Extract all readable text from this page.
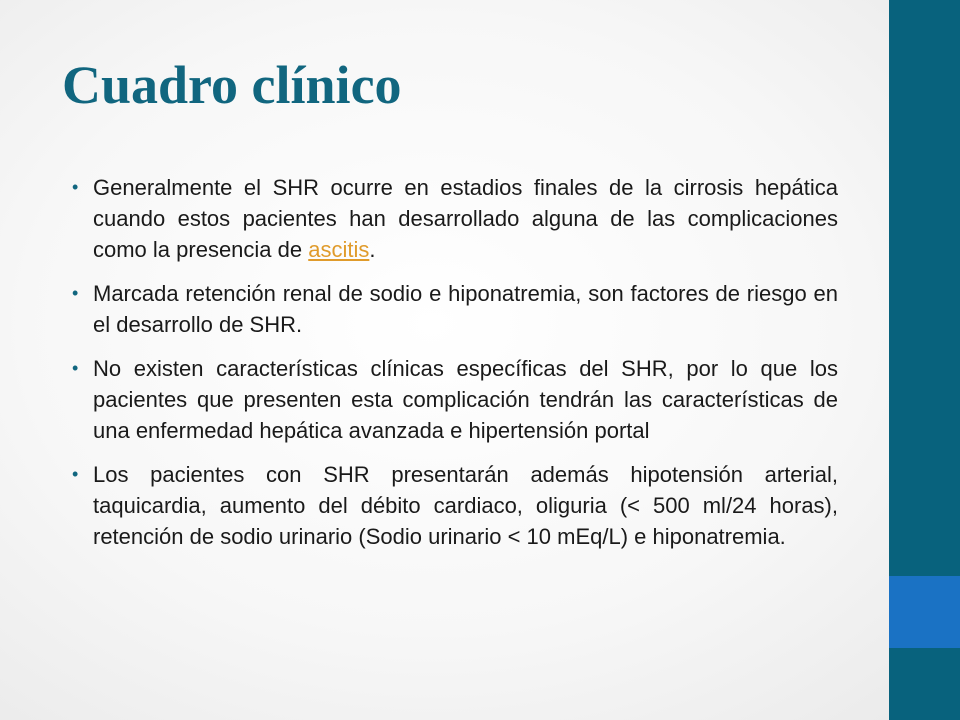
Cuadro clínico
• Generalmente el SHR ocurre en estadios finales de la cirrosis hepática cuando estos pacientes han desarrollado alguna de las complicaciones como la presencia de ascitis.
• Marcada retención renal de sodio e hiponatremia, son factores de riesgo en el desarrollo de SHR.
• No existen características clínicas específicas del SHR, por lo que los pacientes que presenten esta complicación tendrán las características de una enfermedad hepática avanzada e hipertensión portal
• Los pacientes con SHR presentarán además hipotensión arterial, taquicardia, aumento del débito cardiaco, oliguria (< 500 ml/24 horas), retención de sodio urinario (Sodio urinario < 10 mEq/L) e hiponatremia.
